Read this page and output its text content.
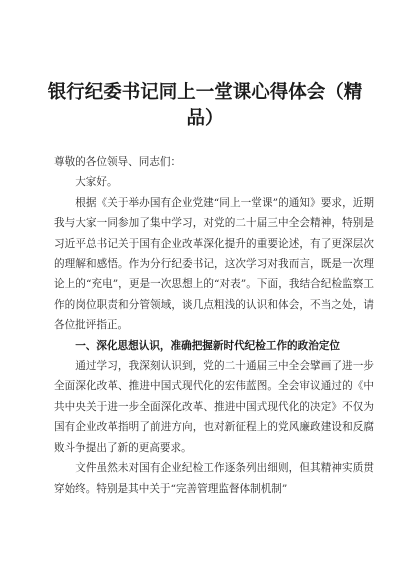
银行纪委书记同上一堂课心得体会（精品）

尊敬的各位领导、同志们：

大家好。

根据《关于举办国有企业党建“同上一堂课”的通知》要求，近期我与大家一同参加了集中学习，对党的二十届三中全会精神，特别是习近平总书记关于国有企业改革深化提升的重要论述，有了更深层次的理解和感悟。作为分行纪委书记，这次学习对我而言，既是一次理论上的“充电”，更是一次思想上的“对表”。下面，我结合纪检监察工作的岗位职责和分管领域，谈几点粗浅的认识和体会，不当之处，请各位批评指正。

一、深化思想认识，准确把握新时代纪检工作的政治定位

通过学习，我深刻认识到，党的二十通届三中全会擘画了进一步全面深化改革、推进中国式现代化的宏伟蓝图。全会审议通过的《中共中央关于进一步全面深化改革、推进中国式现代化的决定》不仅为国有企业改革指明了前进方向，也对新征程上的党风廉政建设和反腐败斗争提出了新的更高要求。

文件虽然未对国有企业纪检工作逐条列出细则，但其精神实质贯穿始终。特别是其中关于“完善管理监督体制机制”
